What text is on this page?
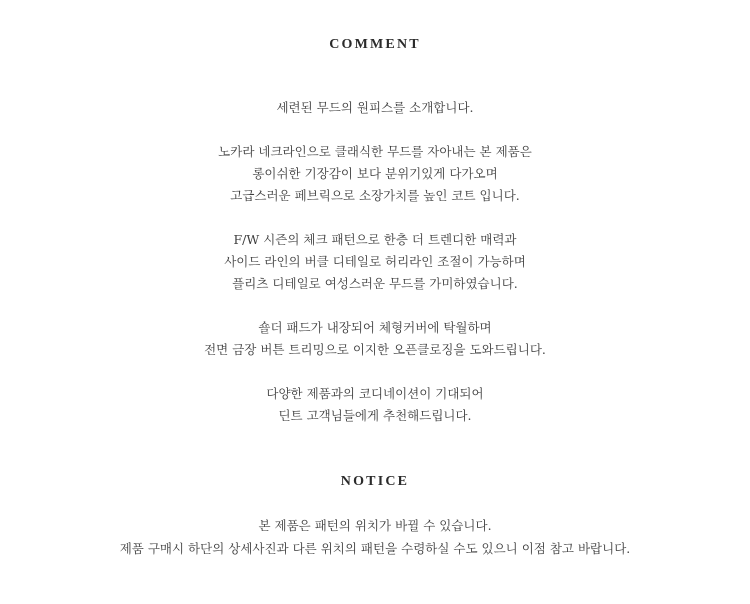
COMMENT
세련된 무드의 원피스를 소개합니다.
노카라 네크라인으로 클래식한 무드를 자아내는 본 제품은
롱이쉬한 기장감이 보다 분위기있게 다가오며
고급스러운 페브릭으로 소장가치를 높인 코트 입니다.
F/W 시즌의 체크 패턴으로 한층 더 트렌디한 매력과
사이드 라인의 버클 디테일로 허리라인 조절이 가능하며
플리츠 디테일로 여성스러운 무드를 가미하였습니다.
숄더 패드가 내장되어 체형커버에 탁월하며
전면 금장 버튼 트리밍으로 이지한 오픈클로징을 도와드립니다.
다양한 제품과의 코디네이션이 기대되어
딘트 고객님들에게 추천해드립니다.
NOTICE
본 제품은 패턴의 위치가 바뀔 수 있습니다.
제품 구매시 하단의 상세사진과 다른 위치의 패턴을 수령하실 수도 있으니 이점 참고 바랍니다.
